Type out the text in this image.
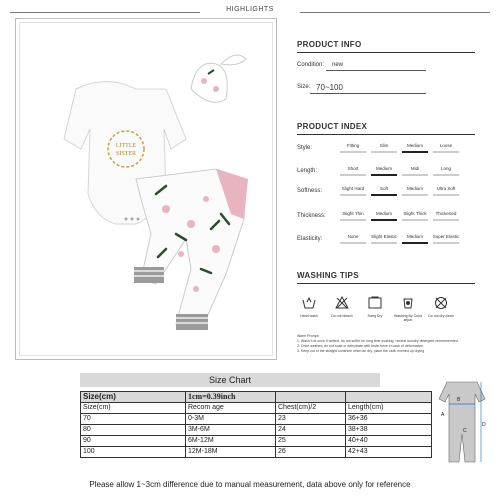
HIGHLIGHTS
LITTLE
SISTER
PRODUCT INFO
Condition: new
Size: 70~100
PRODUCT INDEX
Style:	Fitting	Slim	Medium	Loose
Length:	Short	Medium	Midi	Long
Softness:	Slight Hard	Soft	Medium	Ultra Soft
Thickness:	Slight Thin	Medium	Slight Thick	Thickened
Elasticity:	None	Slight Elastic	Medium	Super Elastic
WASHING TIPS
Hand wash	Do not bleach	Hang Dry	Washing By Color separ
Do not dry clean
Warm Prompt:
1. Wash it at once if wetted, do not suffer for long time soaking, neutral laundry detergent recommended
2. Once washed, do not soak or dehydrate with brute force in case of deformation
3. Keep out of the straight sunshine when air dry, place the cloth evened up drying
Size Chart
Size(cm)	1cm=0.39inch		
Size(cm)	Recom age	Chest(cm)/2	Length(cm)
70	0-3M	23	36+36
80	3M-6M	24	38+38
90	6M-12M	25	40+40
100	12M-18M	26	42+43
A
B
C
D
Please allow 1~3cm difference due to manual measurement, data above only for reference
